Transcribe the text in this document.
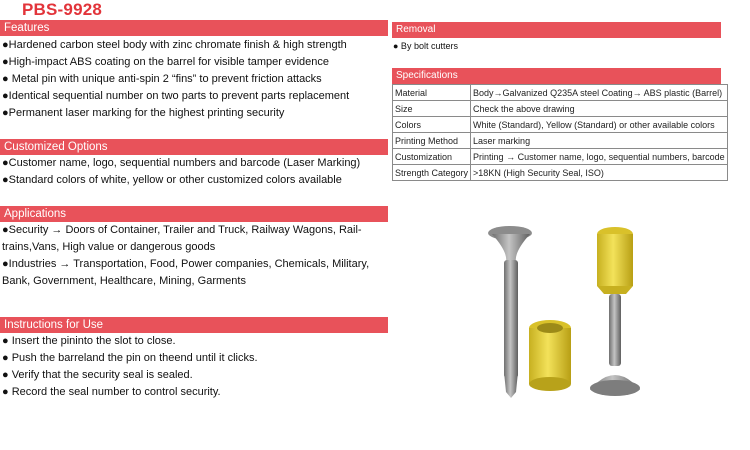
PBS-9928
Features
●Hardened carbon steel body with zinc chromate finish & high strength
●High-impact ABS coating on the barrel for visible tamper evidence
● Metal pin with unique anti-spin 2 “fins” to prevent friction attacks
●Identical sequential number on two parts to prevent parts replacement
●Permanent laser marking for the highest printing security
Customized Options
●Customer name, logo, sequential numbers and barcode (Laser Marking)
●Standard colors of white, yellow or other customized colors available
Applications
●Security → Doors of Container, Trailer and Truck, Railway Wagons, Rail-trains,Vans, High value or dangerous goods
●Industries → Transportation, Food, Power companies, Chemicals, Military, Bank, Government, Healthcare, Mining, Garments
Instructions for Use
● Insert the pininto the slot to close.
● Push the barreland the pin on theend until it clicks.
● Verify that the security seal is sealed.
● Record the seal number to control security.
Removal
● By bolt cutters
Specifications
Material	Body→Galvanized Q235A steel Coating→ ABS plastic (Barrel)
Size	Check the above drawing
Colors	White (Standard), Yellow (Standard) or other available colors
Printing Method	Laser marking
Customization	Printing → Customer name, logo, sequential numbers, barcode
Strength Category	>18KN (High Security Seal, ISO)
